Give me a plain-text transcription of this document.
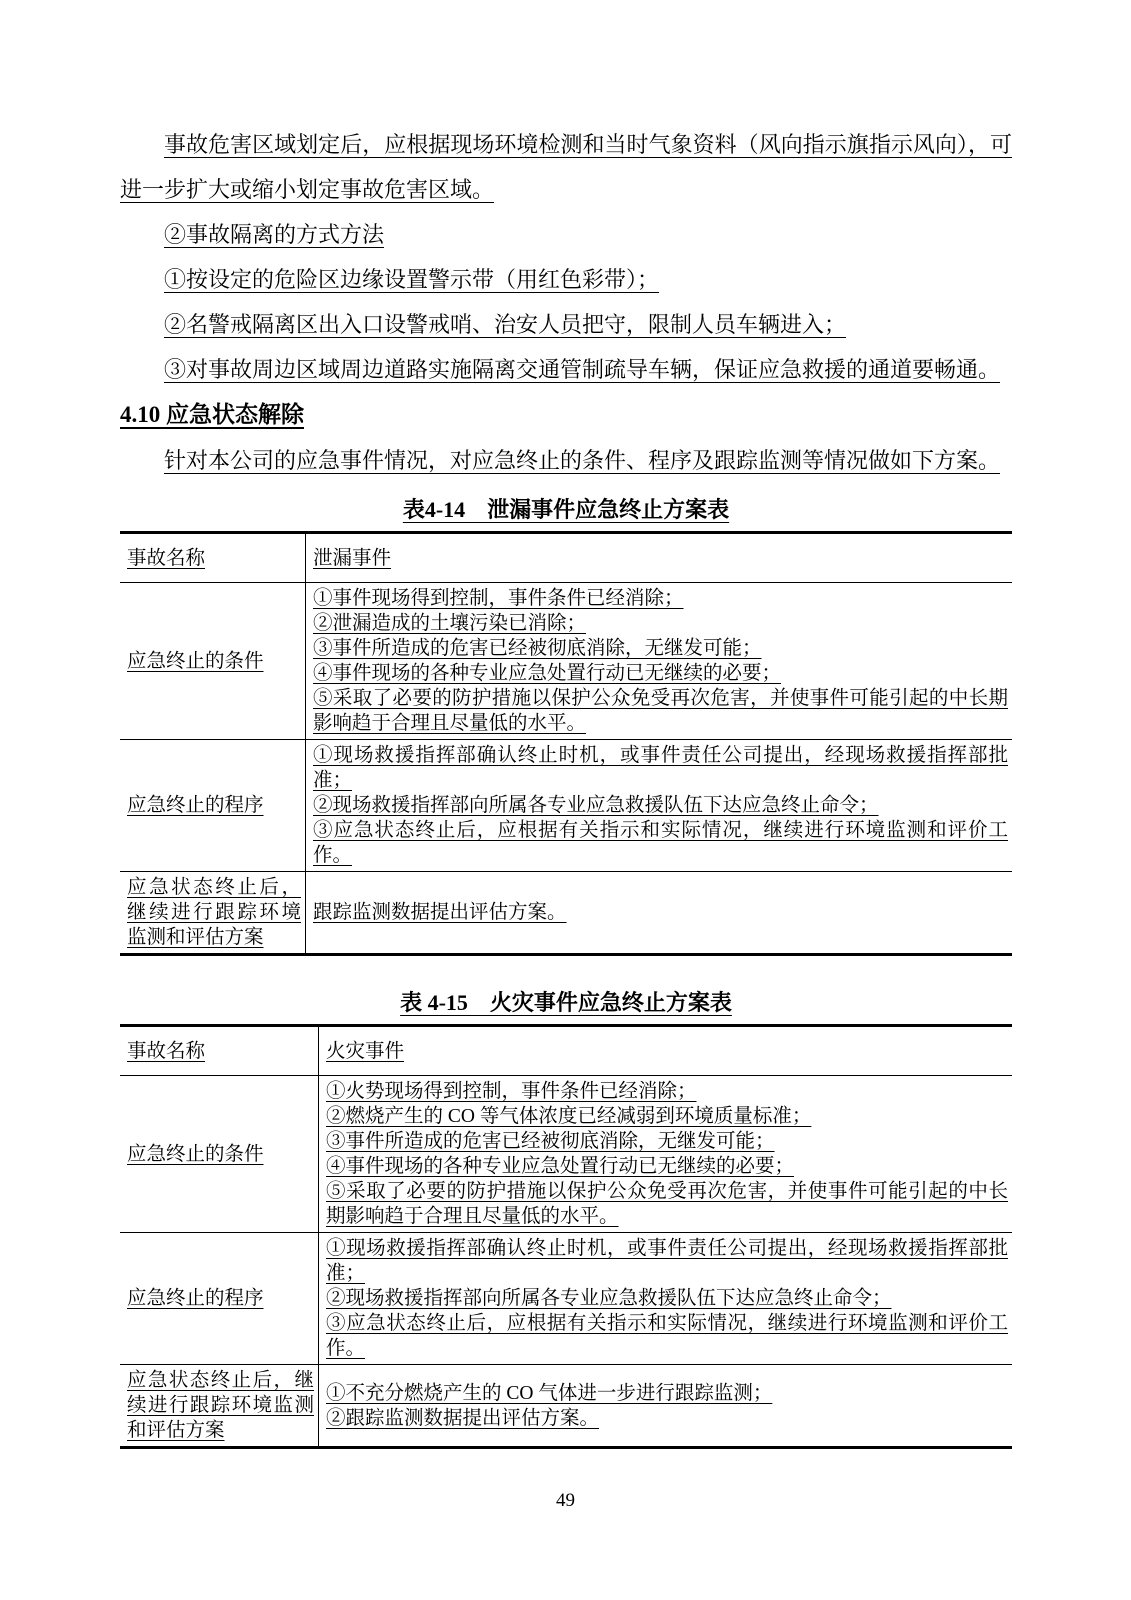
事故危害区域划定后，应根据现场环境检测和当时气象资料（风向指示旗指示风向），可进一步扩大或缩小划定事故危害区域。

②事故隔离的方式方法

①按设定的危险区边缘设置警示带（用红色彩带）；

②名警戒隔离区出入口设警戒哨、治安人员把守，限制人员车辆进入；

③对事故周边区域周边道路实施隔离交通管制疏导车辆，保证应急救援的通道要畅通。

4.10 应急状态解除

针对本公司的应急事件情况，对应急终止的条件、程序及跟踪监测等情况做如下方案。

表4-14　泄漏事件应急终止方案表

事故名称	泄漏事件
应急终止的条件	①事件现场得到控制，事件条件已经消除；
②泄漏造成的土壤污染已消除；
③事件所造成的危害已经被彻底消除，无继发可能；
④事件现场的各种专业应急处置行动已无继续的必要；
⑤采取了必要的防护措施以保护公众免受再次危害，并使事件可能引起的中长期影响趋于合理且尽量低的水平。

应急终止的程序	①现场救援指挥部确认终止时机，或事件责任公司提出，经现场救援指挥部批准；
②现场救援指挥部向所属各专业应急救援队伍下达应急终止命令；
③应急状态终止后，应根据有关指示和实际情况，继续进行环境监测和评价工作。

应急状态终止后，继续进行跟踪环境监测和评估方案	跟踪监测数据提出评估方案。

表 4-15　火灾事件应急终止方案表

事故名称	火灾事件
应急终止的条件	①火势现场得到控制，事件条件已经消除；
②燃烧产生的 CO 等气体浓度已经减弱到环境质量标准；
③事件所造成的危害已经被彻底消除，无继发可能；
④事件现场的各种专业应急处置行动已无继续的必要；
⑤采取了必要的防护措施以保护公众免受再次危害，并使事件可能引起的中长期影响趋于合理且尽量低的水平。

应急终止的程序	①现场救援指挥部确认终止时机，或事件责任公司提出，经现场救援指挥部批准；
②现场救援指挥部向所属各专业应急救援队伍下达应急终止命令；
③应急状态终止后，应根据有关指示和实际情况，继续进行环境监测和评价工作。

应急状态终止后，继续进行跟踪环境监测和评估方案	①不充分燃烧产生的 CO 气体进一步进行跟踪监测；
②跟踪监测数据提出评估方案。
49
